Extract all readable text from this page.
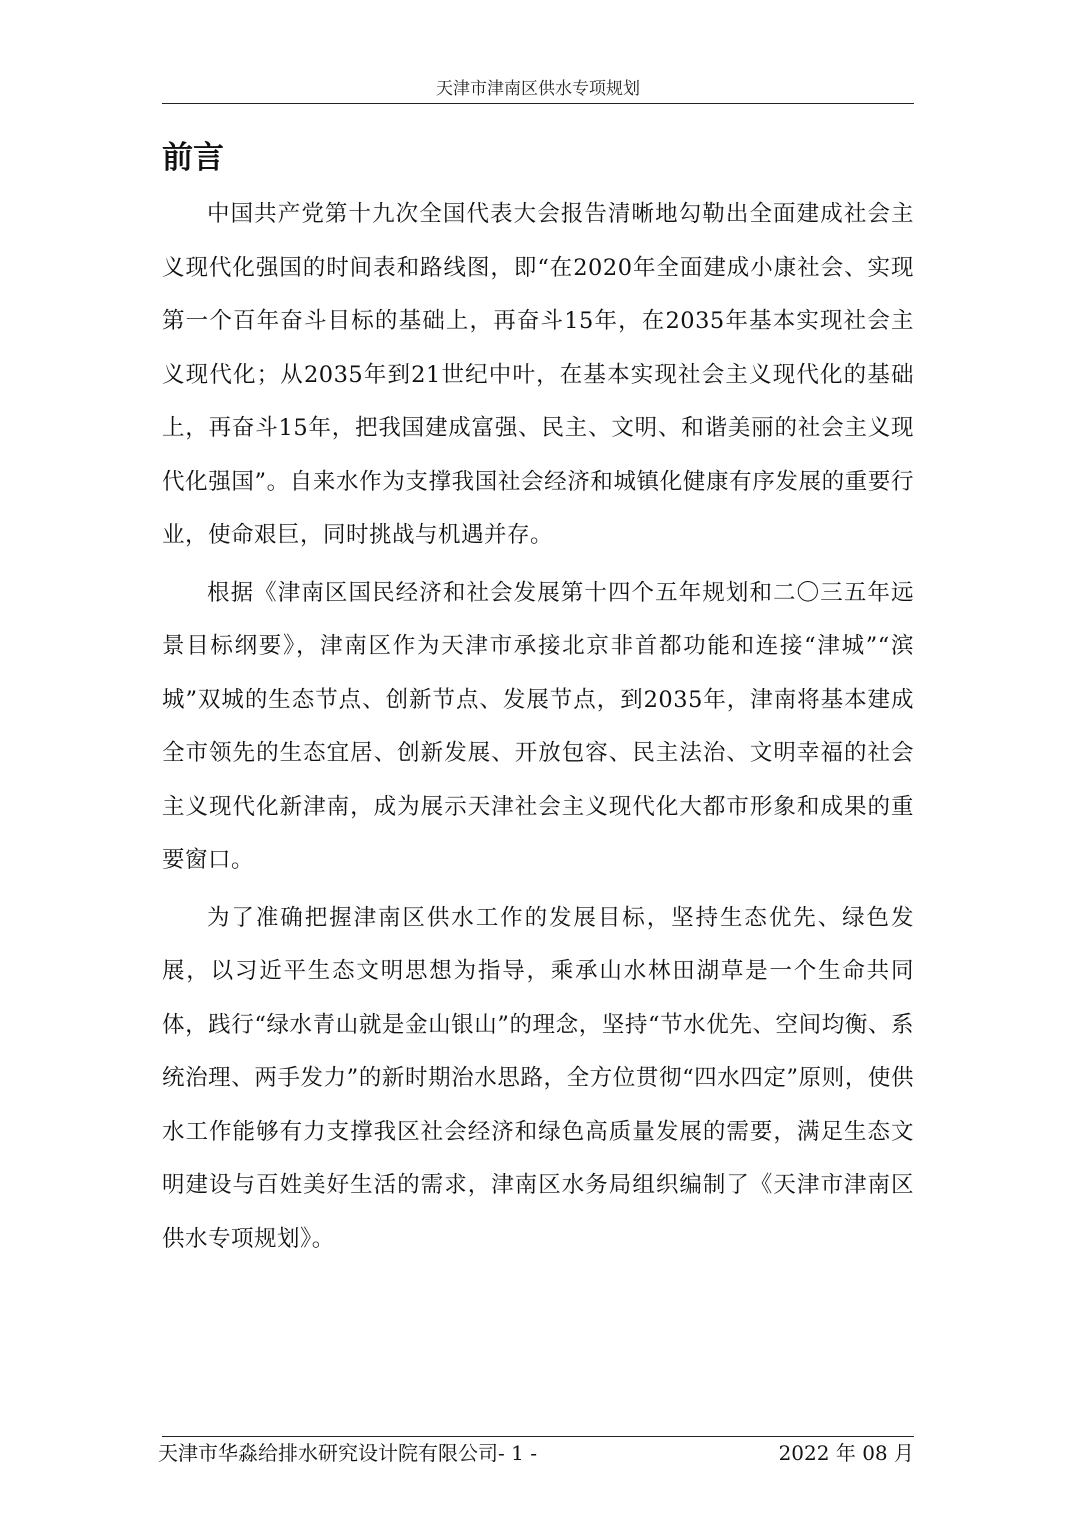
天津市津南区供水专项规划
前言

中国共产党第十九次全国代表大会报告清晰地勾勒出全面建成社会主义现代化强国的时间表和路线图，即“在2020年全面建成小康社会、实现第一个百年奋斗目标的基础上，再奋斗15年，在2035年基本实现社会主义现代化；从2035年到21世纪中叶，在基本实现社会主义现代化的基础上，再奋斗15年，把我国建成富强、民主、文明、和谐美丽的社会主义现代化强国”。自来水作为支撑我国社会经济和城镇化健康有序发展的重要行业，使命艰巨，同时挑战与机遇并存。

根据《津南区国民经济和社会发展第十四个五年规划和二〇三五年远景目标纲要》，津南区作为天津市承接北京非首都功能和连接“津城”“滨城”双城的生态节点、创新节点、发展节点，到2035年，津南将基本建成全市领先的生态宜居、创新发展、开放包容、民主法治、文明幸福的社会主义现代化新津南，成为展示天津社会主义现代化大都市形象和成果的重要窗口。

为了准确把握津南区供水工作的发展目标，坚持生态优先、绿色发展，以习近平生态文明思想为指导，乘承山水林田湖草是一个生命共同体，践行“绿水青山就是金山银山”的理念，坚持“节水优先、空间均衡、系统治理、两手发力”的新时期治水思路，全方位贯彻“四水四定”原则，使供水工作能够有力支撑我区社会经济和绿色高质量发展的需要，满足生态文明建设与百姓美好生活的需求，津南区水务局组织编制了《天津市津南区供水专项规划》。

天津市华淼给排水研究设计院有限公司- 1 -	2022 年 08 月
